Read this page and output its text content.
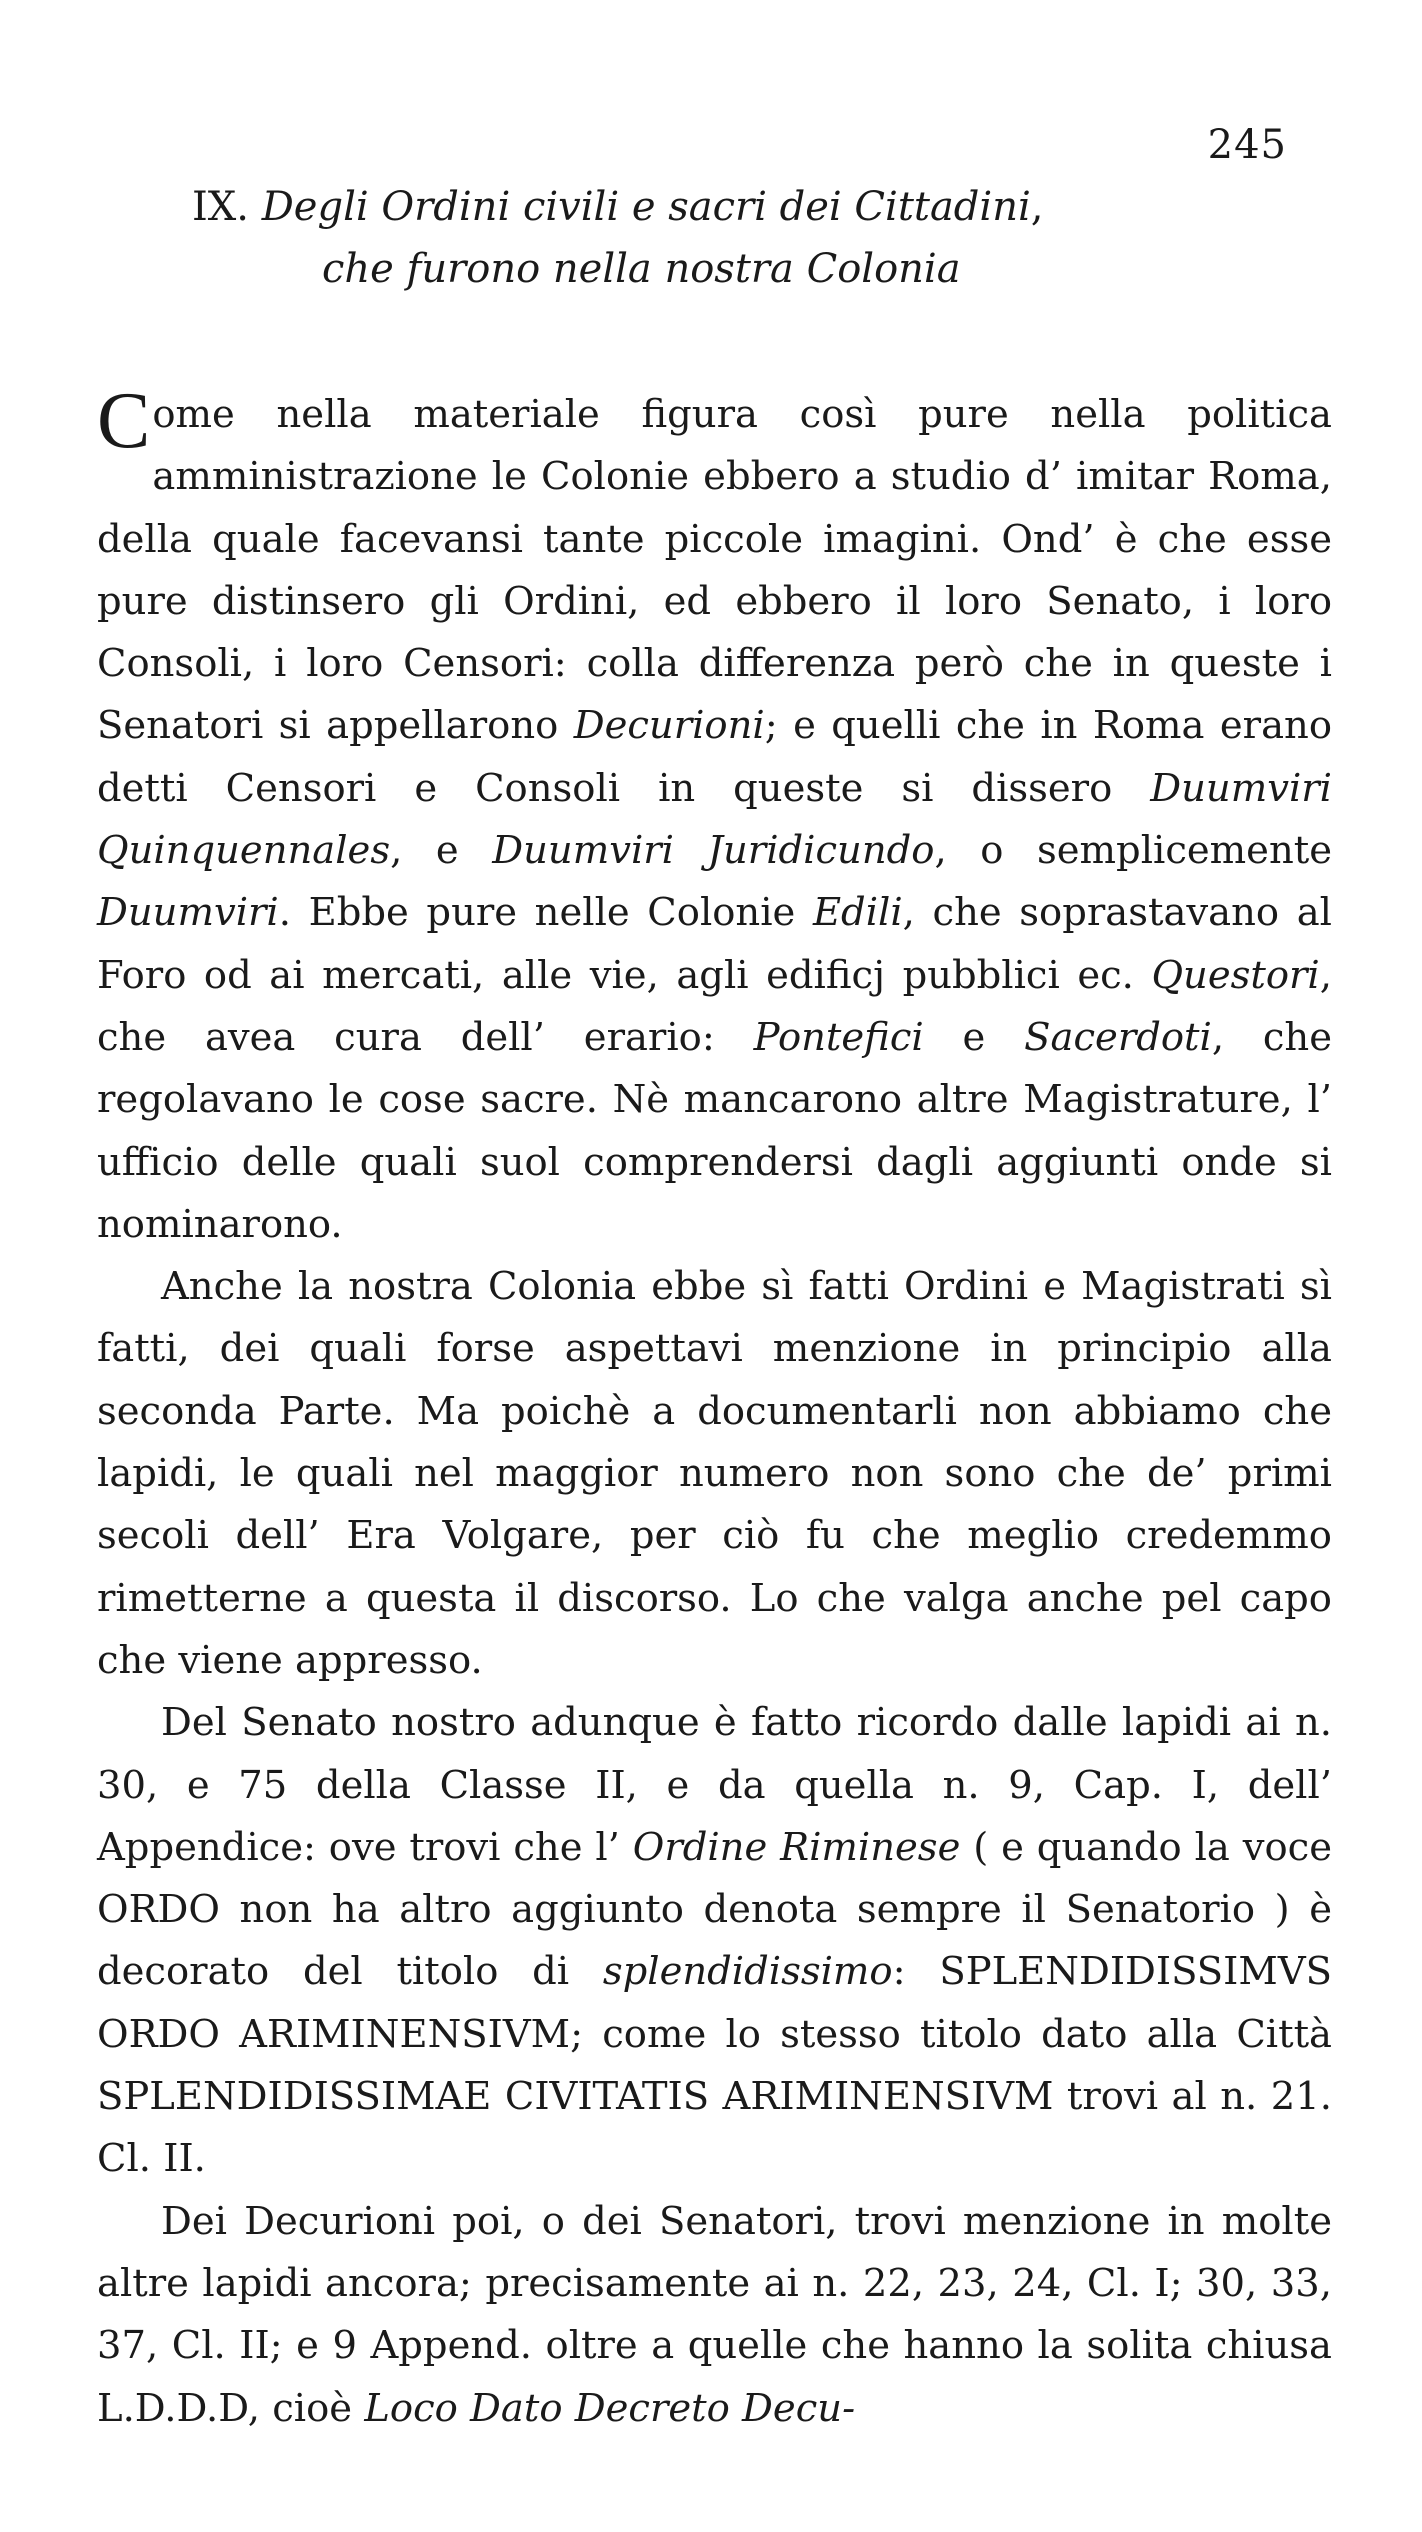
245
IX. Degli Ordini civili e sacri dei Cittadini,
che furono nella nostra Colonia

Come nella materiale figura così pure nella politica amministrazione le Colonie ebbero a studio d’ imitar Roma, della quale facevansi tante piccole imagini. Ond’ è che esse pure distinsero gli Ordini, ed ebbero il loro Senato, i loro Consoli, i loro Censori: colla differenza però che in queste i Senatori si appellarono Decurioni; e quelli che in Roma erano detti Censori e Consoli in queste si dissero Duumviri Quinquennales, e Duumviri Juridicundo, o semplicemente Duumviri. Ebbe pure nelle Colonie Edili, che soprastavano al Foro od ai mercati, alle vie, agli edificj pubblici ec. Questori, che avea cura dell’ erario: Pontefici e Sacerdoti, che regolavano le cose sacre. Nè mancarono altre Magistrature, l’ ufficio delle quali suol comprendersi dagli aggiunti onde si nominarono.

Anche la nostra Colonia ebbe sì fatti Ordini e Magistrati sì fatti, dei quali forse aspettavi menzione in principio alla seconda Parte. Ma poichè a documentarli non abbiamo che lapidi, le quali nel maggior numero non sono che de’ primi secoli dell’ Era Volgare, per ciò fu che meglio credemmo rimetterne a questa il discorso. Lo che valga anche pel capo che viene appresso.

Del Senato nostro adunque è fatto ricordo dalle lapidi ai n. 30, e 75 della Classe II, e da quella n. 9, Cap. I, dell’ Appendice: ove trovi che l’ Ordine Riminese ( e quando la voce ORDO non ha altro aggiunto denota sempre il Senatorio ) è decorato del titolo di splendidissimo: SPLENDIDISSIMVS ORDO ARIMINENSIVM; come lo stesso titolo dato alla Città SPLENDIDISSIMAE CIVITATIS ARIMINENSIVM trovi al n. 21. Cl. II.

Dei Decurioni poi, o dei Senatori, trovi menzione in molte altre lapidi ancora; precisamente ai n. 22, 23, 24, Cl. I; 30, 33, 37, Cl. II; e 9 Append. oltre a quelle che hanno la solita chiusa L.D.D.D, cioè Loco Dato Decreto Decu-
